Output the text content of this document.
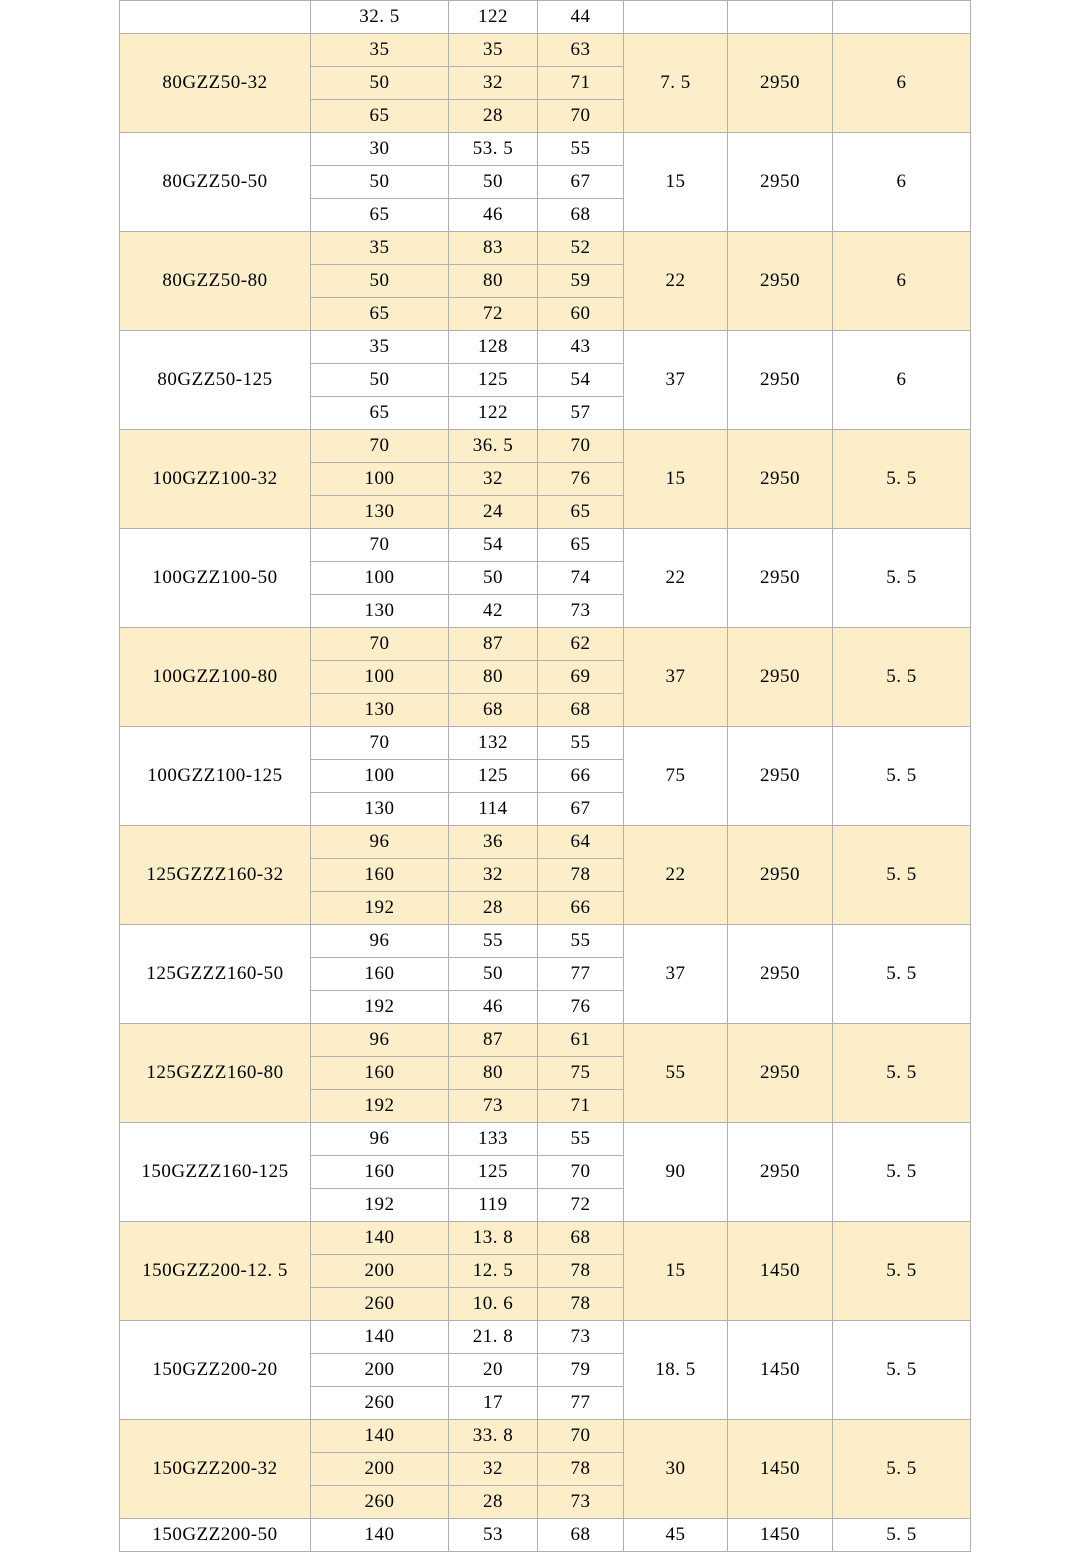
	32. 5	122	44			
80GZZ50-32	35	35	63	7. 5	2950	6
	50	32	71			
	65	28	70			
80GZZ50-50	30	53. 5	55	15	2950	6
	50	50	67			
	65	46	68			
80GZZ50-80	35	83	52	22	2950	6
	50	80	59			
	65	72	60			
80GZZ50-125	35	128	43	37	2950	6
	50	125	54			
	65	122	57			
100GZZ100-32	70	36. 5	70	15	2950	5. 5
	100	32	76			
	130	24	65			
100GZZ100-50	70	54	65	22	2950	5. 5
	100	50	74			
	130	42	73			
100GZZ100-80	70	87	62	37	2950	5. 5
	100	80	69			
	130	68	68			
100GZZ100-125	70	132	55	75	2950	5. 5
	100	125	66			
	130	114	67			
125GZZZ160-32	96	36	64	22	2950	5. 5
	160	32	78			
	192	28	66			
125GZZZ160-50	96	55	55	37	2950	5. 5
	160	50	77			
	192	46	76			
125GZZZ160-80	96	87	61	55	2950	5. 5
	160	80	75			
	192	73	71			
150GZZZ160-125	96	133	55	90	2950	5. 5
	160	125	70			
	192	119	72			
150GZZ200-12. 5	140	13. 8	68	15	1450	5. 5
	200	12. 5	78			
	260	10. 6	78			
150GZZ200-20	140	21. 8	73	18. 5	1450	5. 5
	200	20	79			
	260	17	77			
150GZZ200-32	140	33. 8	70	30	1450	5. 5
	200	32	78			
	260	28	73			
150GZZ200-50	140	53	68	45	1450	5. 5
